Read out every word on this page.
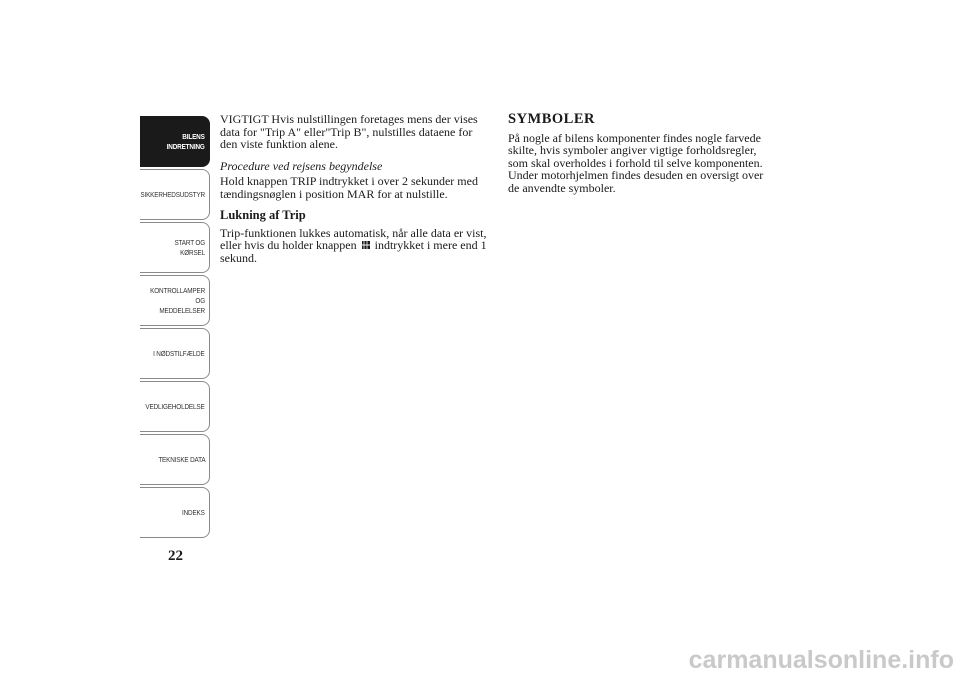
BILENS
INDRETNING
SIKKERHEDSUDSTYR
START OG KØRSEL
KONTROLLAMPER
OG MEDDELELSER
I NØDSTILFÆLDE
VEDLIGEHOLDELSE
TEKNISKE DATA
INDEKS
22

VIGTIGT Hvis nulstillingen foretages mens der vises data for "Trip A" eller"Trip B", nulstilles dataene for den viste funktion alene.

Procedure ved rejsens begyndelse

Hold knappen TRIP indtrykket i over 2 sekunder med tændingsnøglen i position MAR for at nulstille.

Lukning af Trip

Trip-funktionen lukkes automatisk, når alle data er vist, eller hvis du holder knappen indtrykket i mere end 1 sekund.

SYMBOLER

På nogle af bilens komponenter findes nogle farvede skilte, hvis symboler angiver vigtige forholdsregler, som skal overholdes i forhold til selve komponenten. Under motorhjelmen findes desuden en oversigt over de anvendte symboler.

carmanualsonline.info
